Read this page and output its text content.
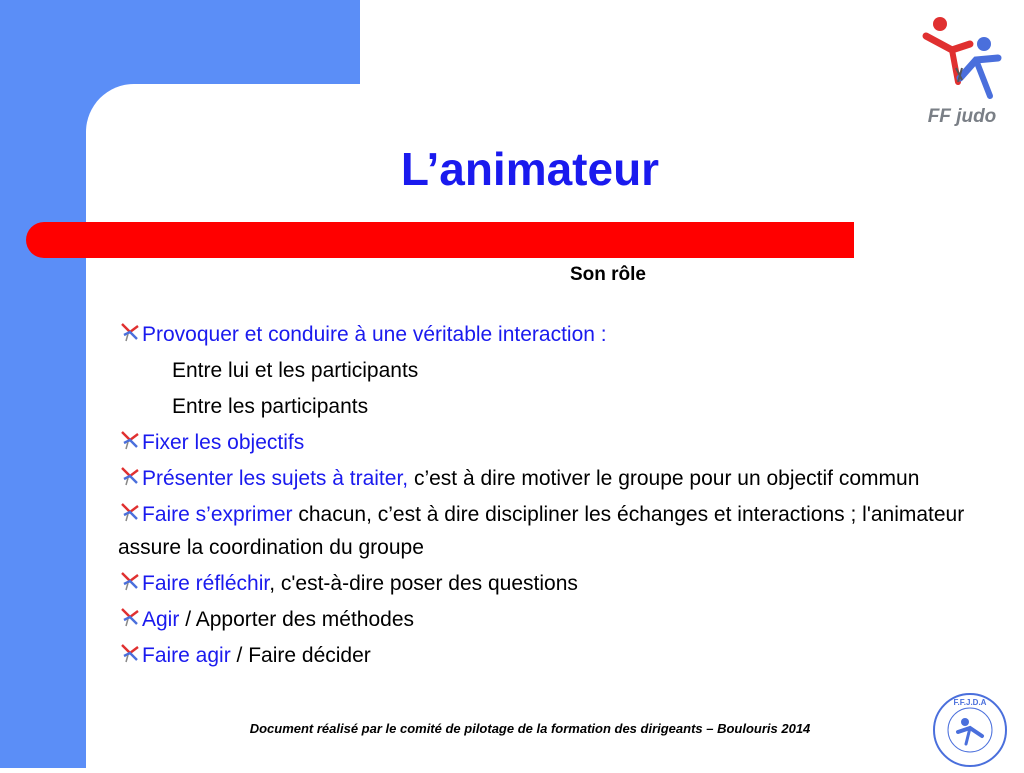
FF judo
L’animateur
Son rôle
Provoquer et conduire à une véritable interaction :
Entre lui et les participants
Entre les participants
Fixer les objectifs
Présenter les sujets à traiter, c’est à dire motiver le groupe pour un objectif commun
Faire s’exprimer chacun, c’est à dire discipliner les échanges et interactions ; l'animateur assure la coordination du groupe
Faire réfléchir, c'est-à-dire poser des questions
Agir / Apporter des méthodes
Faire agir / Faire décider
Document réalisé par le comité de pilotage de la formation des dirigeants – Boulouris 2014
F.F.J.D.A
